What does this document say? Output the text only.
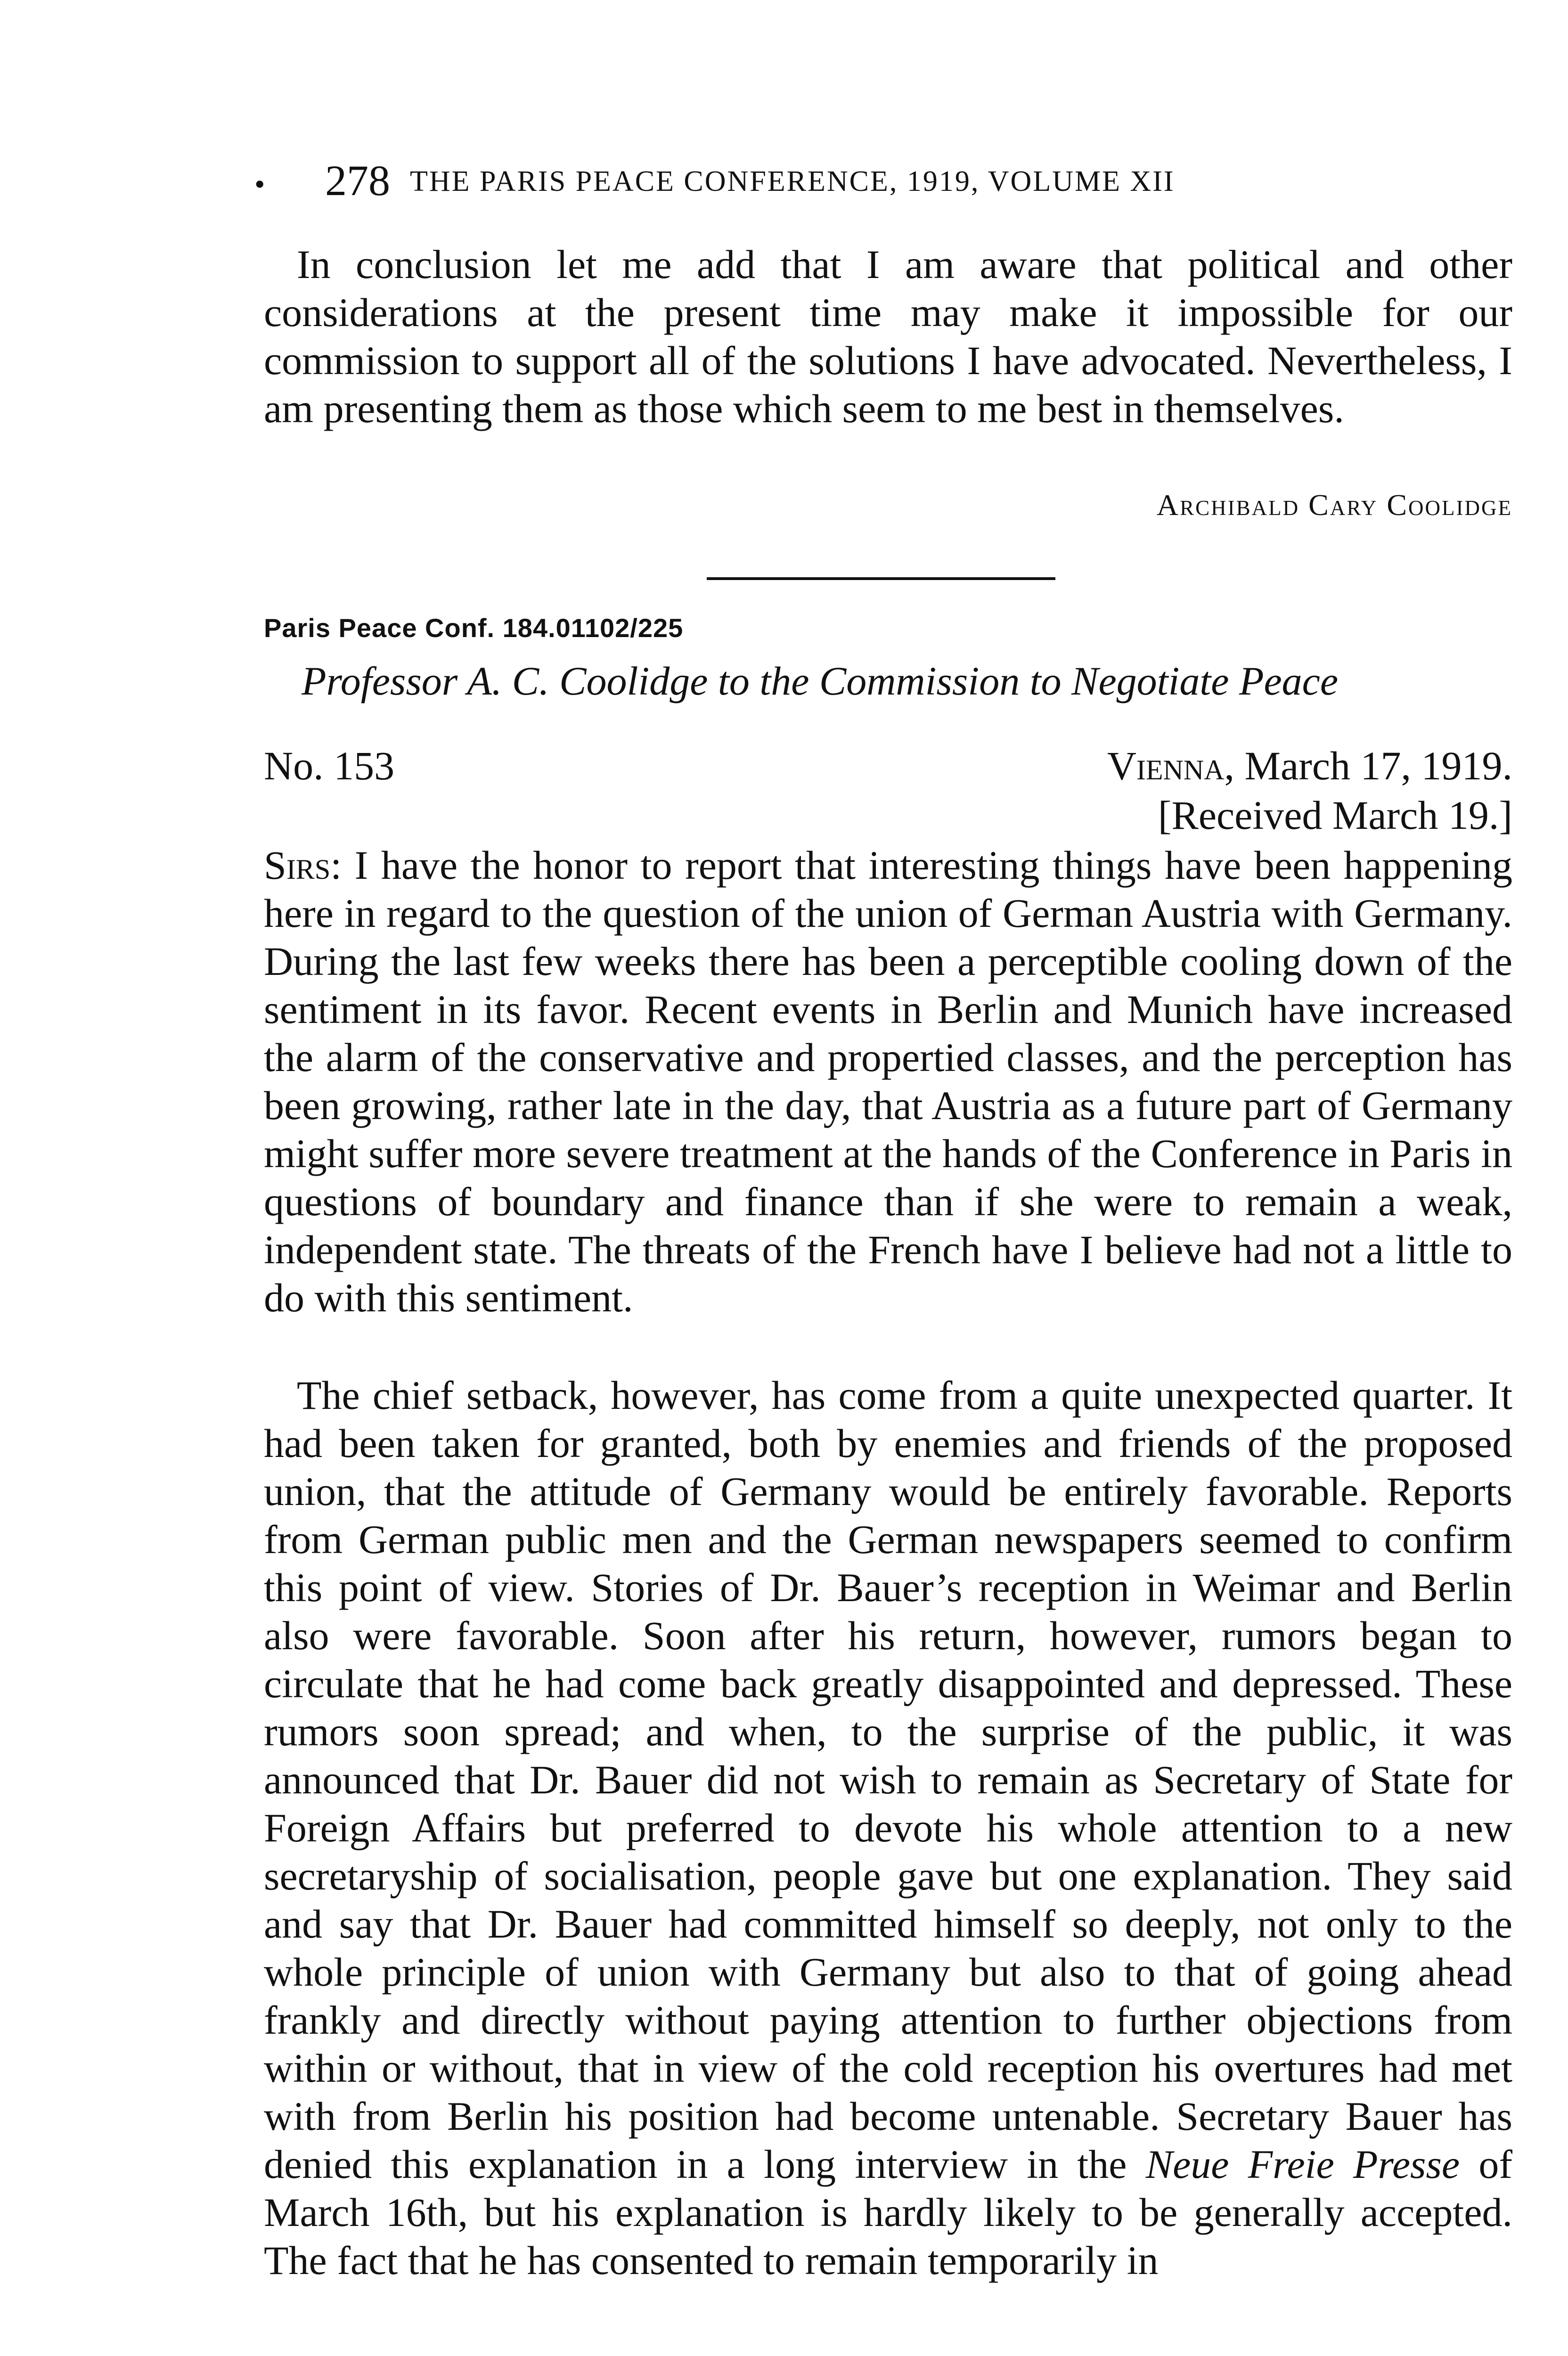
• 278 THE PARIS PEACE CONFERENCE, 1919, VOLUME XII

In conclusion let me add that I am aware that political and other considerations at the present time may make it impossible for our commission to support all of the solutions I have advocated. Nevertheless, I am presenting them as those which seem to me best in themselves.

Archibald Cary Coolidge
Paris Peace Conf. 184.01102/225
Professor A. C. Coolidge to the Commission to Negotiate Peace
No. 153	Vienna, March 17, 1919.
[Received March 19.]

Sirs: I have the honor to report that interesting things have been happening here in regard to the question of the union of German Austria with Germany. During the last few weeks there has been a perceptible cooling down of the sentiment in its favor. Recent events in Berlin and Munich have increased the alarm of the conservative and propertied classes, and the perception has been growing, rather late in the day, that Austria as a future part of Germany might suffer more severe treatment at the hands of the Conference in Paris in questions of boundary and finance than if she were to remain a weak, independent state. The threats of the French have I believe had not a little to do with this sentiment.

The chief setback, however, has come from a quite unexpected quarter. It had been taken for granted, both by enemies and friends of the proposed union, that the attitude of Germany would be entirely favorable. Reports from German public men and the German newspapers seemed to confirm this point of view. Stories of Dr. Bauer’s reception in Weimar and Berlin also were favorable. Soon after his return, however, rumors began to circulate that he had come back greatly disappointed and depressed. These rumors soon spread; and when, to the surprise of the public, it was announced that Dr. Bauer did not wish to remain as Secretary of State for Foreign Affairs but preferred to devote his whole attention to a new secretaryship of socialisation, people gave but one explanation. They said and say that Dr. Bauer had committed himself so deeply, not only to the whole principle of union with Germany but also to that of going ahead frankly and directly without paying attention to further objections from within or without, that in view of the cold reception his overtures had met with from Berlin his position had become untenable. Secretary Bauer has denied this explanation in a long interview in the Neue Freie Presse of March 16th, but his explanation is hardly likely to be generally accepted. The fact that he has consented to remain temporarily in
